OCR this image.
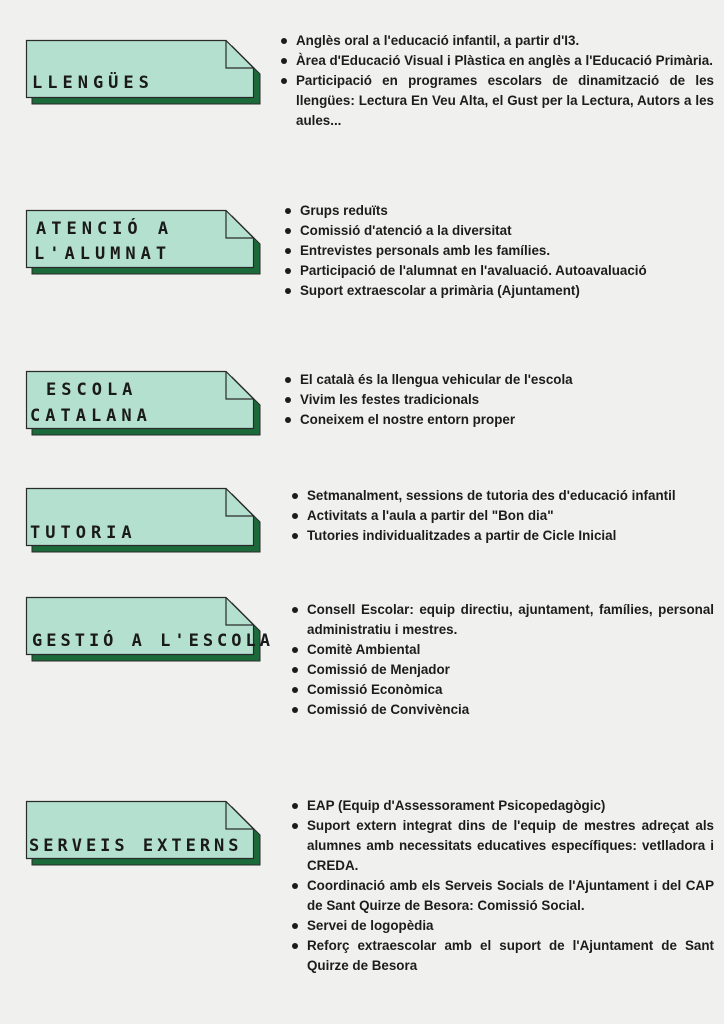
LLENGÜES
Anglès oral a l'educació infantil, a partir d'I3.
Àrea d'Educació Visual i Plàstica en anglès a l'Educació Primària.
Participació en programes escolars de dinamització de les llengües: Lectura En Veu Alta, el Gust per la Lectura, Autors a les aules...
ATENCIÓ A
L'ALUMNAT
Grups reduïts
Comissió d'atenció a la diversitat
Entrevistes personals amb les famílies.
Participació de l'alumnat en l'avaluació. Autoavaluació
Suport extraescolar a primària (Ajuntament)
ESCOLA
CATALANA
El català és la llengua vehicular de l'escola
Vivim les festes tradicionals
Coneixem el nostre entorn proper
TUTORIA
Setmanalment, sessions de tutoria des d'educació infantil
Activitats a l'aula a partir del "Bon dia"
Tutories individualitzades a partir de Cicle Inicial
GESTIÓ A L'ESCOLA
Consell Escolar: equip directiu, ajuntament, famílies, personal administratiu i mestres.
Comitè Ambiental
Comissió de Menjador
Comissió Econòmica
Comissió de Convivència
SERVEIS EXTERNS
EAP (Equip d'Assessorament Psicopedagògic)
Suport extern integrat dins de l'equip de mestres adreçat als alumnes amb necessitats educatives específiques: vetlladora i CREDA.
Coordinació amb els Serveis Socials de l'Ajuntament i del CAP de Sant Quirze de Besora: Comissió Social.
Servei de logopèdia
Reforç extraescolar amb el suport de l'Ajuntament de Sant Quirze de Besora
